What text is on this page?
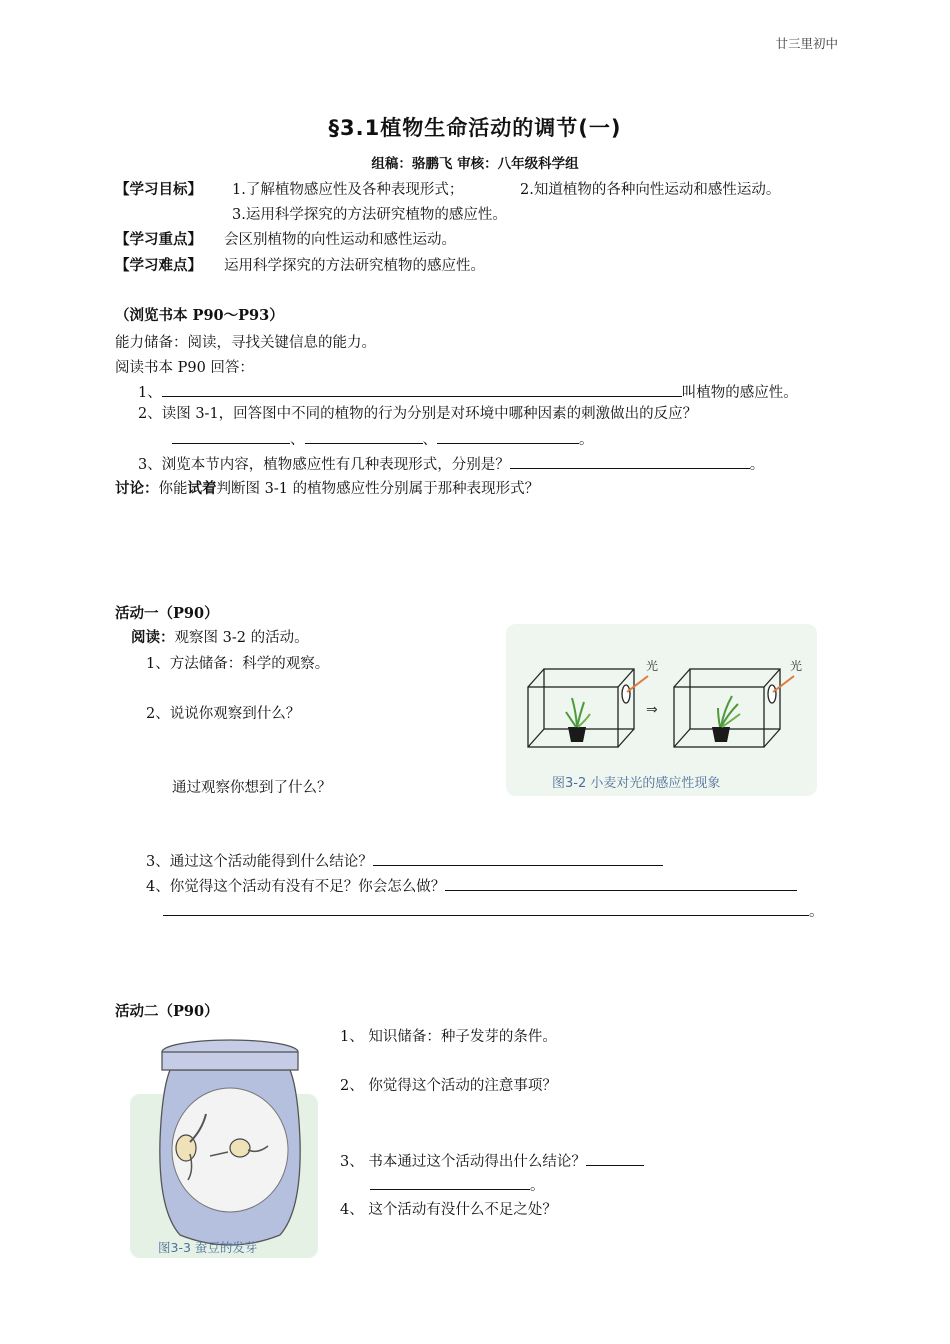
廿三里初中
§3.1植物生命活动的调节(一)
组稿：骆鹏飞 审核：八年级科学组
【学习目标】 1.了解植物感应性及各种表现形式；	2.知道植物的各种向性运动和感性运动。
3.运用科学探究的方法研究植物的感应性。
【学习重点】 会区别植物的向性运动和感性运动。
【学习难点】 运用科学探究的方法研究植物的感应性。
（浏览书本 P90～P93）
能力储备：阅读，寻找关键信息的能力。
阅读书本 P90 回答：
1、	叫植物的感应性。
2、读图 3-1，回答图中不同的植物的行为分别是对环境中哪种因素的刺激做出的反应？
、	、	。
3、浏览本节内容，植物感应性有几种表现形式，分别是？	。
讨论：你能试着判断图 3-1 的植物感应性分别属于那种表现形式？
活动一（P90）
阅读：观察图 3-2 的活动。
1、方法储备：科学的观察。
2、说说你观察到什么？
通过观察你想到了什么？
光
⇒
光
图3-2 小麦对光的感应性现象
3、通过这个活动能得到什么结论？
4、你觉得这个活动有没有不足？你会怎么做？
。
活动二（P90）
图3-3 蚕豆的发芽
1、 知识储备：种子发芽的条件。
2、 你觉得这个活动的注意事项？
3、 书本通过这个活动得出什么结论？
。
4、 这个活动有没什么不足之处？
